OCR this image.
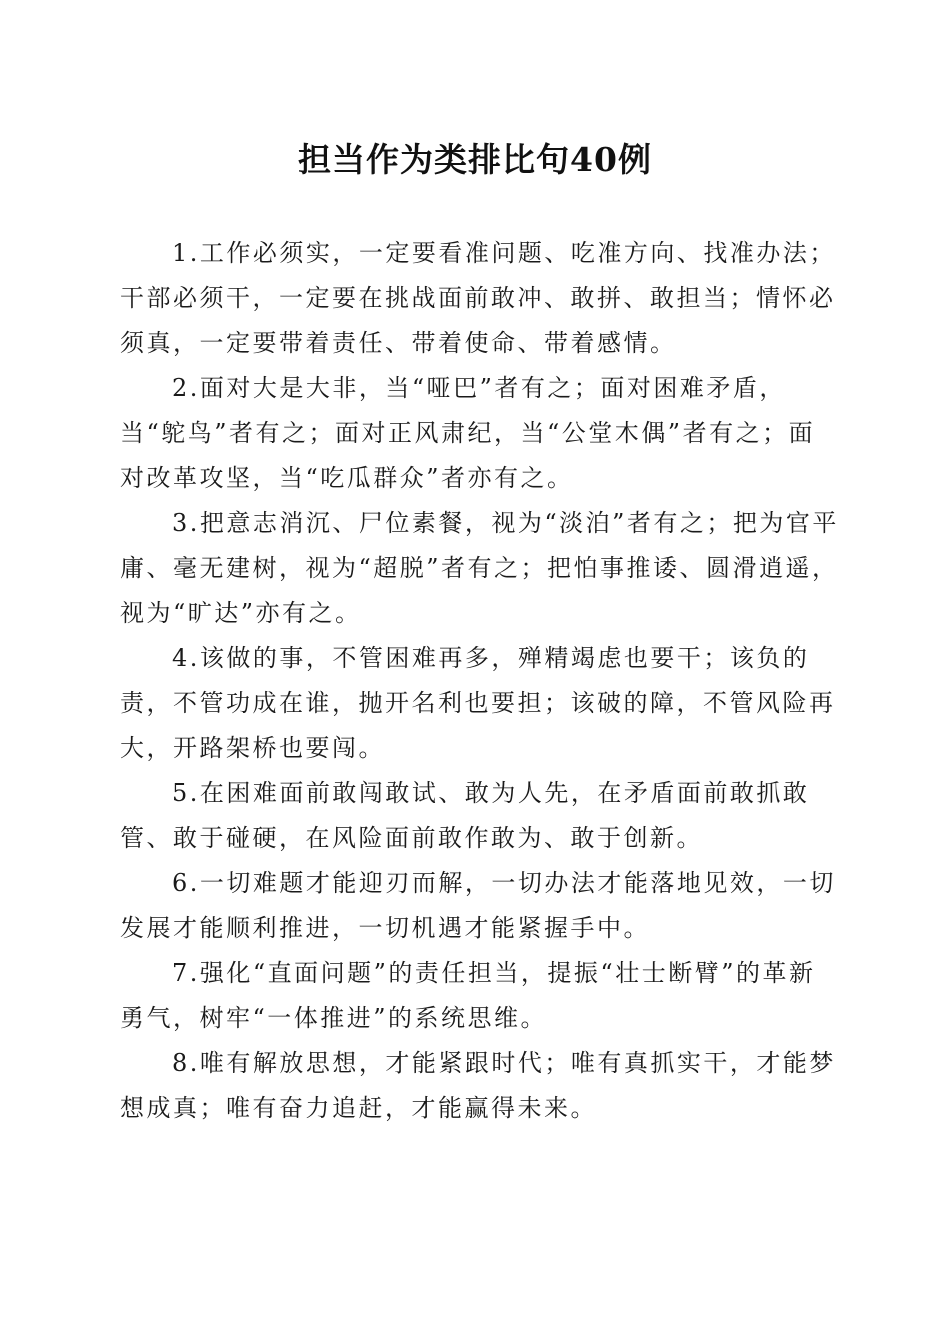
担当作为类排比句40例

1.工作必须实，一定要看准问题、吃准方向、找准办法；干部必须干，一定要在挑战面前敢冲、敢拼、敢担当；情怀必须真，一定要带着责任、带着使命、带着感情。

2.面对大是大非，当“哑巴”者有之；面对困难矛盾，当“鸵鸟”者有之；面对正风肃纪，当“公堂木偶”者有之；面对改革攻坚，当“吃瓜群众”者亦有之。

3.把意志消沉、尸位素餐，视为“淡泊”者有之；把为官平庸、毫无建树，视为“超脱”者有之；把怕事推诿、圆滑逍遥，视为“旷达”亦有之。

4.该做的事，不管困难再多，殚精竭虑也要干；该负的责，不管功成在谁，抛开名利也要担；该破的障，不管风险再大，开路架桥也要闯。

5.在困难面前敢闯敢试、敢为人先，在矛盾面前敢抓敢管、敢于碰硬，在风险面前敢作敢为、敢于创新。

6.一切难题才能迎刃而解，一切办法才能落地见效，一切发展才能顺利推进，一切机遇才能紧握手中。

7.强化“直面问题”的责任担当，提振“壮士断臂”的革新勇气，树牢“一体推进”的系统思维。

8.唯有解放思想，才能紧跟时代；唯有真抓实干，才能梦想成真；唯有奋力追赶，才能赢得未来。
